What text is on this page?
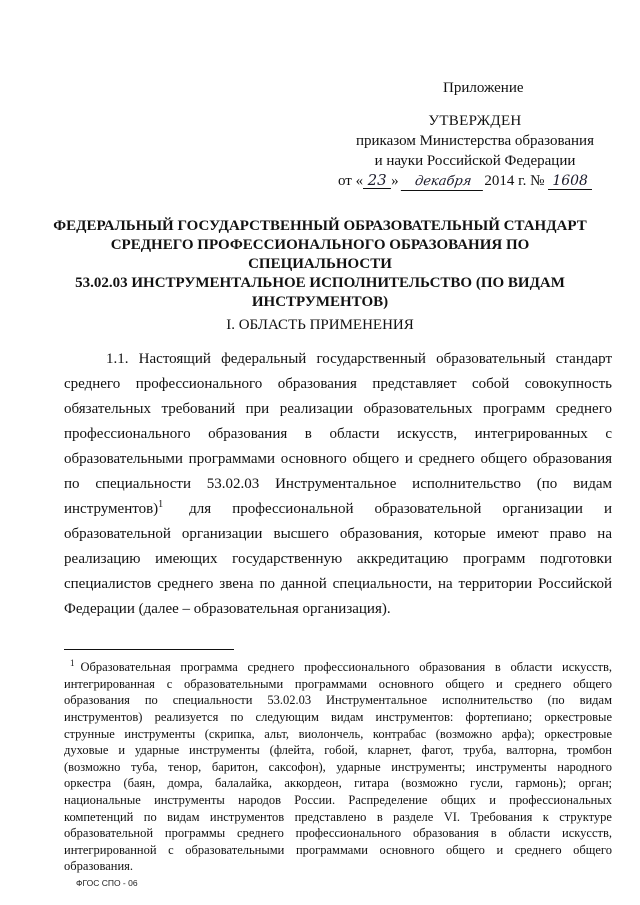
Приложение

УТВЕРЖДЕН
приказом Министерства образования
и науки Российской Федерации
от « 23 » декабря 2014 г. № 1608
ФЕДЕРАЛЬНЫЙ ГОСУДАРСТВЕННЫЙ ОБРАЗОВАТЕЛЬНЫЙ СТАНДАРТ
СРЕДНЕГО ПРОФЕССИОНАЛЬНОГО ОБРАЗОВАНИЯ ПО СПЕЦИАЛЬНОСТИ
53.02.03 ИНСТРУМЕНТАЛЬНОЕ ИСПОЛНИТЕЛЬСТВО (ПО ВИДАМ
ИНСТРУМЕНТОВ)
I. ОБЛАСТЬ ПРИМЕНЕНИЯ
1.1. Настоящий федеральный государственный образовательный стандарт
среднего профессионального образования представляет собой совокупность
обязательных требований при реализации образовательных программ среднего
профессионального образования в области искусств, интегрированных с
образовательными программами основного общего и среднего общего образования
по специальности 53.02.03 Инструментальное исполнительство (по видам
инструментов)$^1$ для профессиональной образовательной организации и
образовательной организации высшего образования, которые имеют право на
реализацию имеющих государственную аккредитацию программ подготовки
специалистов среднего звена по данной специальности, на территории Российской
Федерации (далее – образовательная организация).
$^1$ Образовательная программа среднего профессионального образования в области искусств,
интегрированная с образовательными программами основного общего и среднего общего
образования по специальности 53.02.03 Инструментальное исполнительство (по видам
инструментов) реализуется по следующим видам инструментов: фортепиано; оркестровые
струнные инструменты (скрипка, альт, виолончель, контрабас (возможно арфа); оркестровые
духовые и ударные инструменты (флейта, гобой, кларнет, фагот, труба, валторна, тромбон
(возможно туба, тенор, баритон, саксофон), ударные инструменты; инструменты народного
оркестра (баян, домра, балалайка, аккордеон, гитара (возможно гусли, гармонь); орган;
национальные инструменты народов России. Распределение общих и профессиональных
компетенций по видам инструментов представлено в разделе VI. Требования к структуре
образовательной программы среднего профессионального образования в области искусств,
интегрированной с образовательными программами основного общего и среднего общего
образования.

ФГОС СПО - 06
